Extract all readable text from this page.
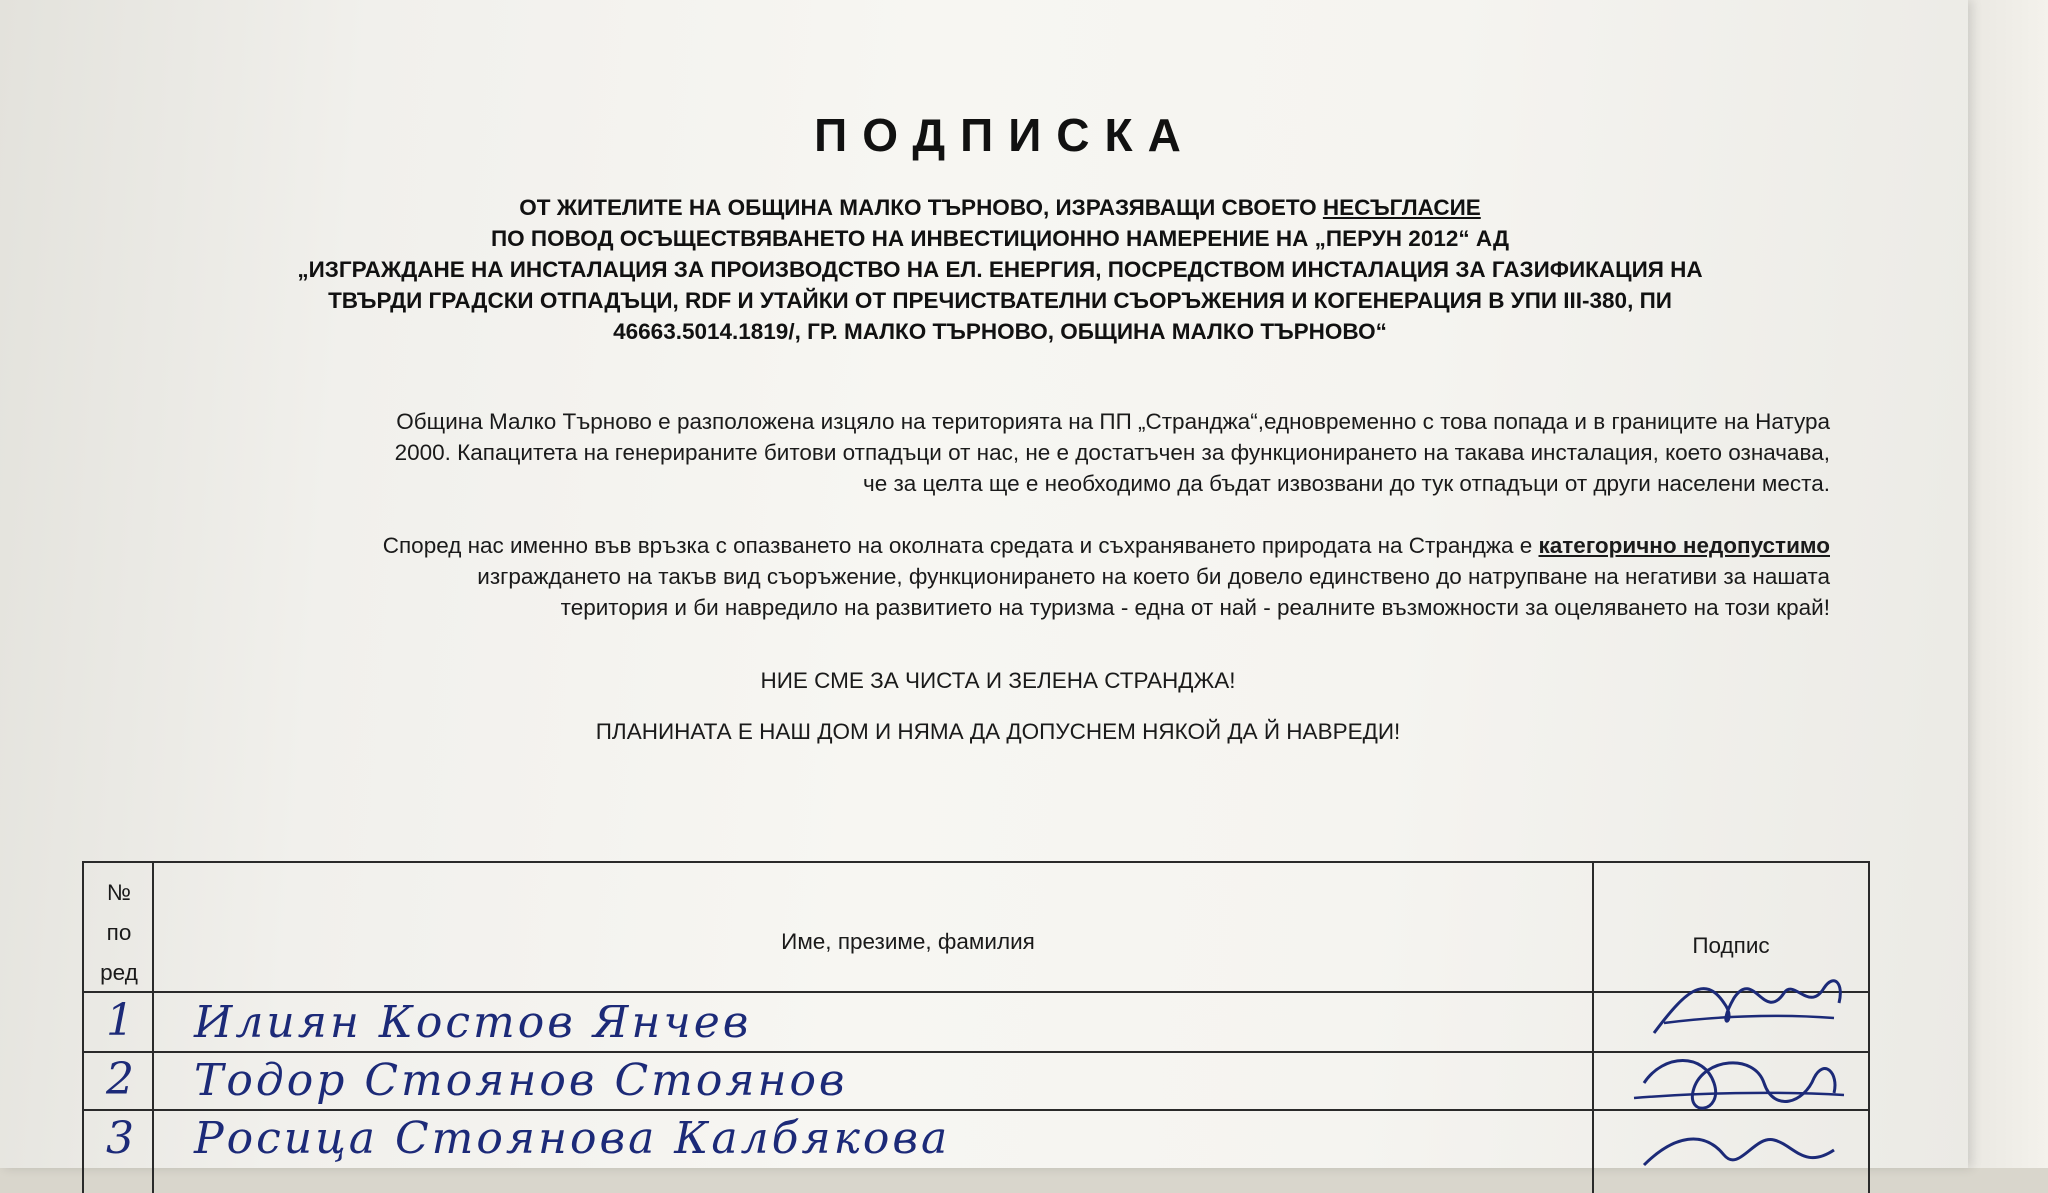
ПОДПИСКА
ОТ ЖИТЕЛИТЕ НА ОБЩИНА МАЛКО ТЪРНОВО, ИЗРАЗЯВАЩИ СВОЕТО НЕСЪГЛАСИЕ
ПО ПОВОД ОСЪЩЕСТВЯВАНЕТО НА ИНВЕСТИЦИОННО НАМЕРЕНИЕ НА „ПЕРУН 2012“ АД
„ИЗГРАЖДАНЕ НА ИНСТАЛАЦИЯ ЗА ПРОИЗВОДСТВО НА ЕЛ. ЕНЕРГИЯ, ПОСРЕДСТВОМ ИНСТАЛАЦИЯ ЗА ГАЗИФИКАЦИЯ НА
ТВЪРДИ ГРАДСКИ ОТПАДЪЦИ, RDF И УТАЙКИ ОТ ПРЕЧИСТВАТЕЛНИ СЪОРЪЖЕНИЯ И КОГЕНЕРАЦИЯ В УПИ III-380, ПИ
46663.5014.1819/, ГР. МАЛКО ТЪРНОВО, ОБЩИНА МАЛКО ТЪРНОВО“
Община Малко Търново е разположена изцяло на територията на ПП „Странджа“,едновременно с това попада и в границите на Натура
2000. Капацитета на генерираните битови отпадъци от нас, не е достатъчен за функционирането на такава инсталация, което означава,
че за целта ще е необходимо да бъдат извозвани до тук отпадъци от други населени места.
Според нас именно във връзка с опазването на околната средата и съхраняването природата на Странджа е категорично недопустимо
изграждането на такъв вид съоръжение, функционирането на което би довело единствено до натрупване на негативи за нашата
територия и би навредило на развитието на туризма - една от най - реалните възможности за оцеляването на този край!
НИЕ СМЕ ЗА ЧИСТА И ЗЕЛЕНА СТРАНДЖА!
ПЛАНИНАТА Е НАШ ДОМ И НЯМА ДА ДОПУСНЕМ НЯКОЙ ДА Й НАВРЕДИ!
№
по
ред
Име, презиме, фамилия	Подпис
1 Илиян Костов Янчев
2 Тодор Стоянов Стоянов
3 Росица Стоянова Калбякова
